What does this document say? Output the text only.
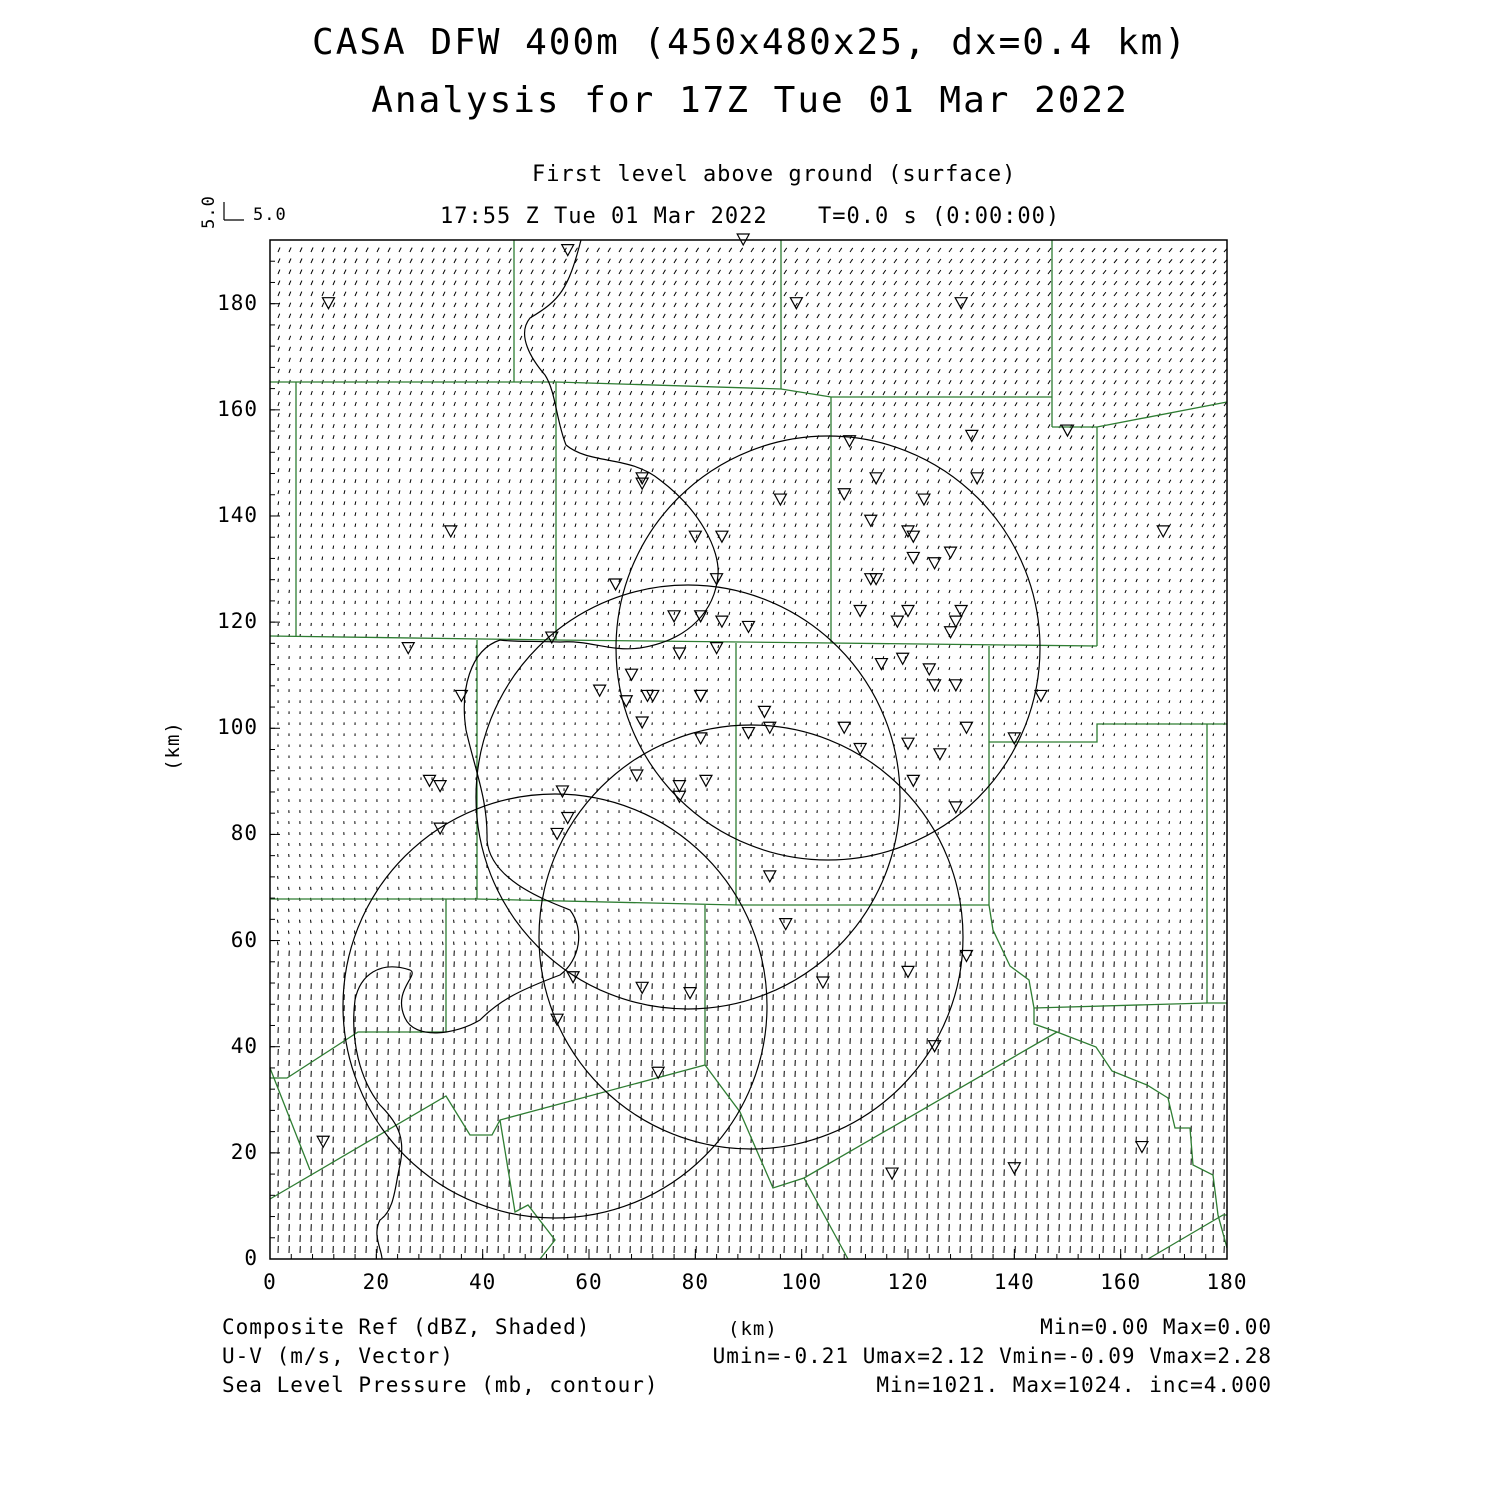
CASA DFW 400m (450x480x25, dx=0.4 km)
Analysis for 17Z Tue 01 Mar 2022
First level above ground (surface)
17:55 Z Tue 01 Mar 2022 T=0.0 s (0:00:00)
5.0
5.0
0
20
40
60
80
100
120
140
160
180
0	20	40	60	80	100	120	140	160	180
(km)
(km)
Composite Ref (dBZ, Shaded)
U-V (m/s, Vector)
Sea Level Pressure (mb, contour)
Min=0.00 Max=0.00
Umin=-0.21 Umax=2.12 Vmin=-0.09 Vmax=2.28
Min=1021. Max=1024. inc=4.000
